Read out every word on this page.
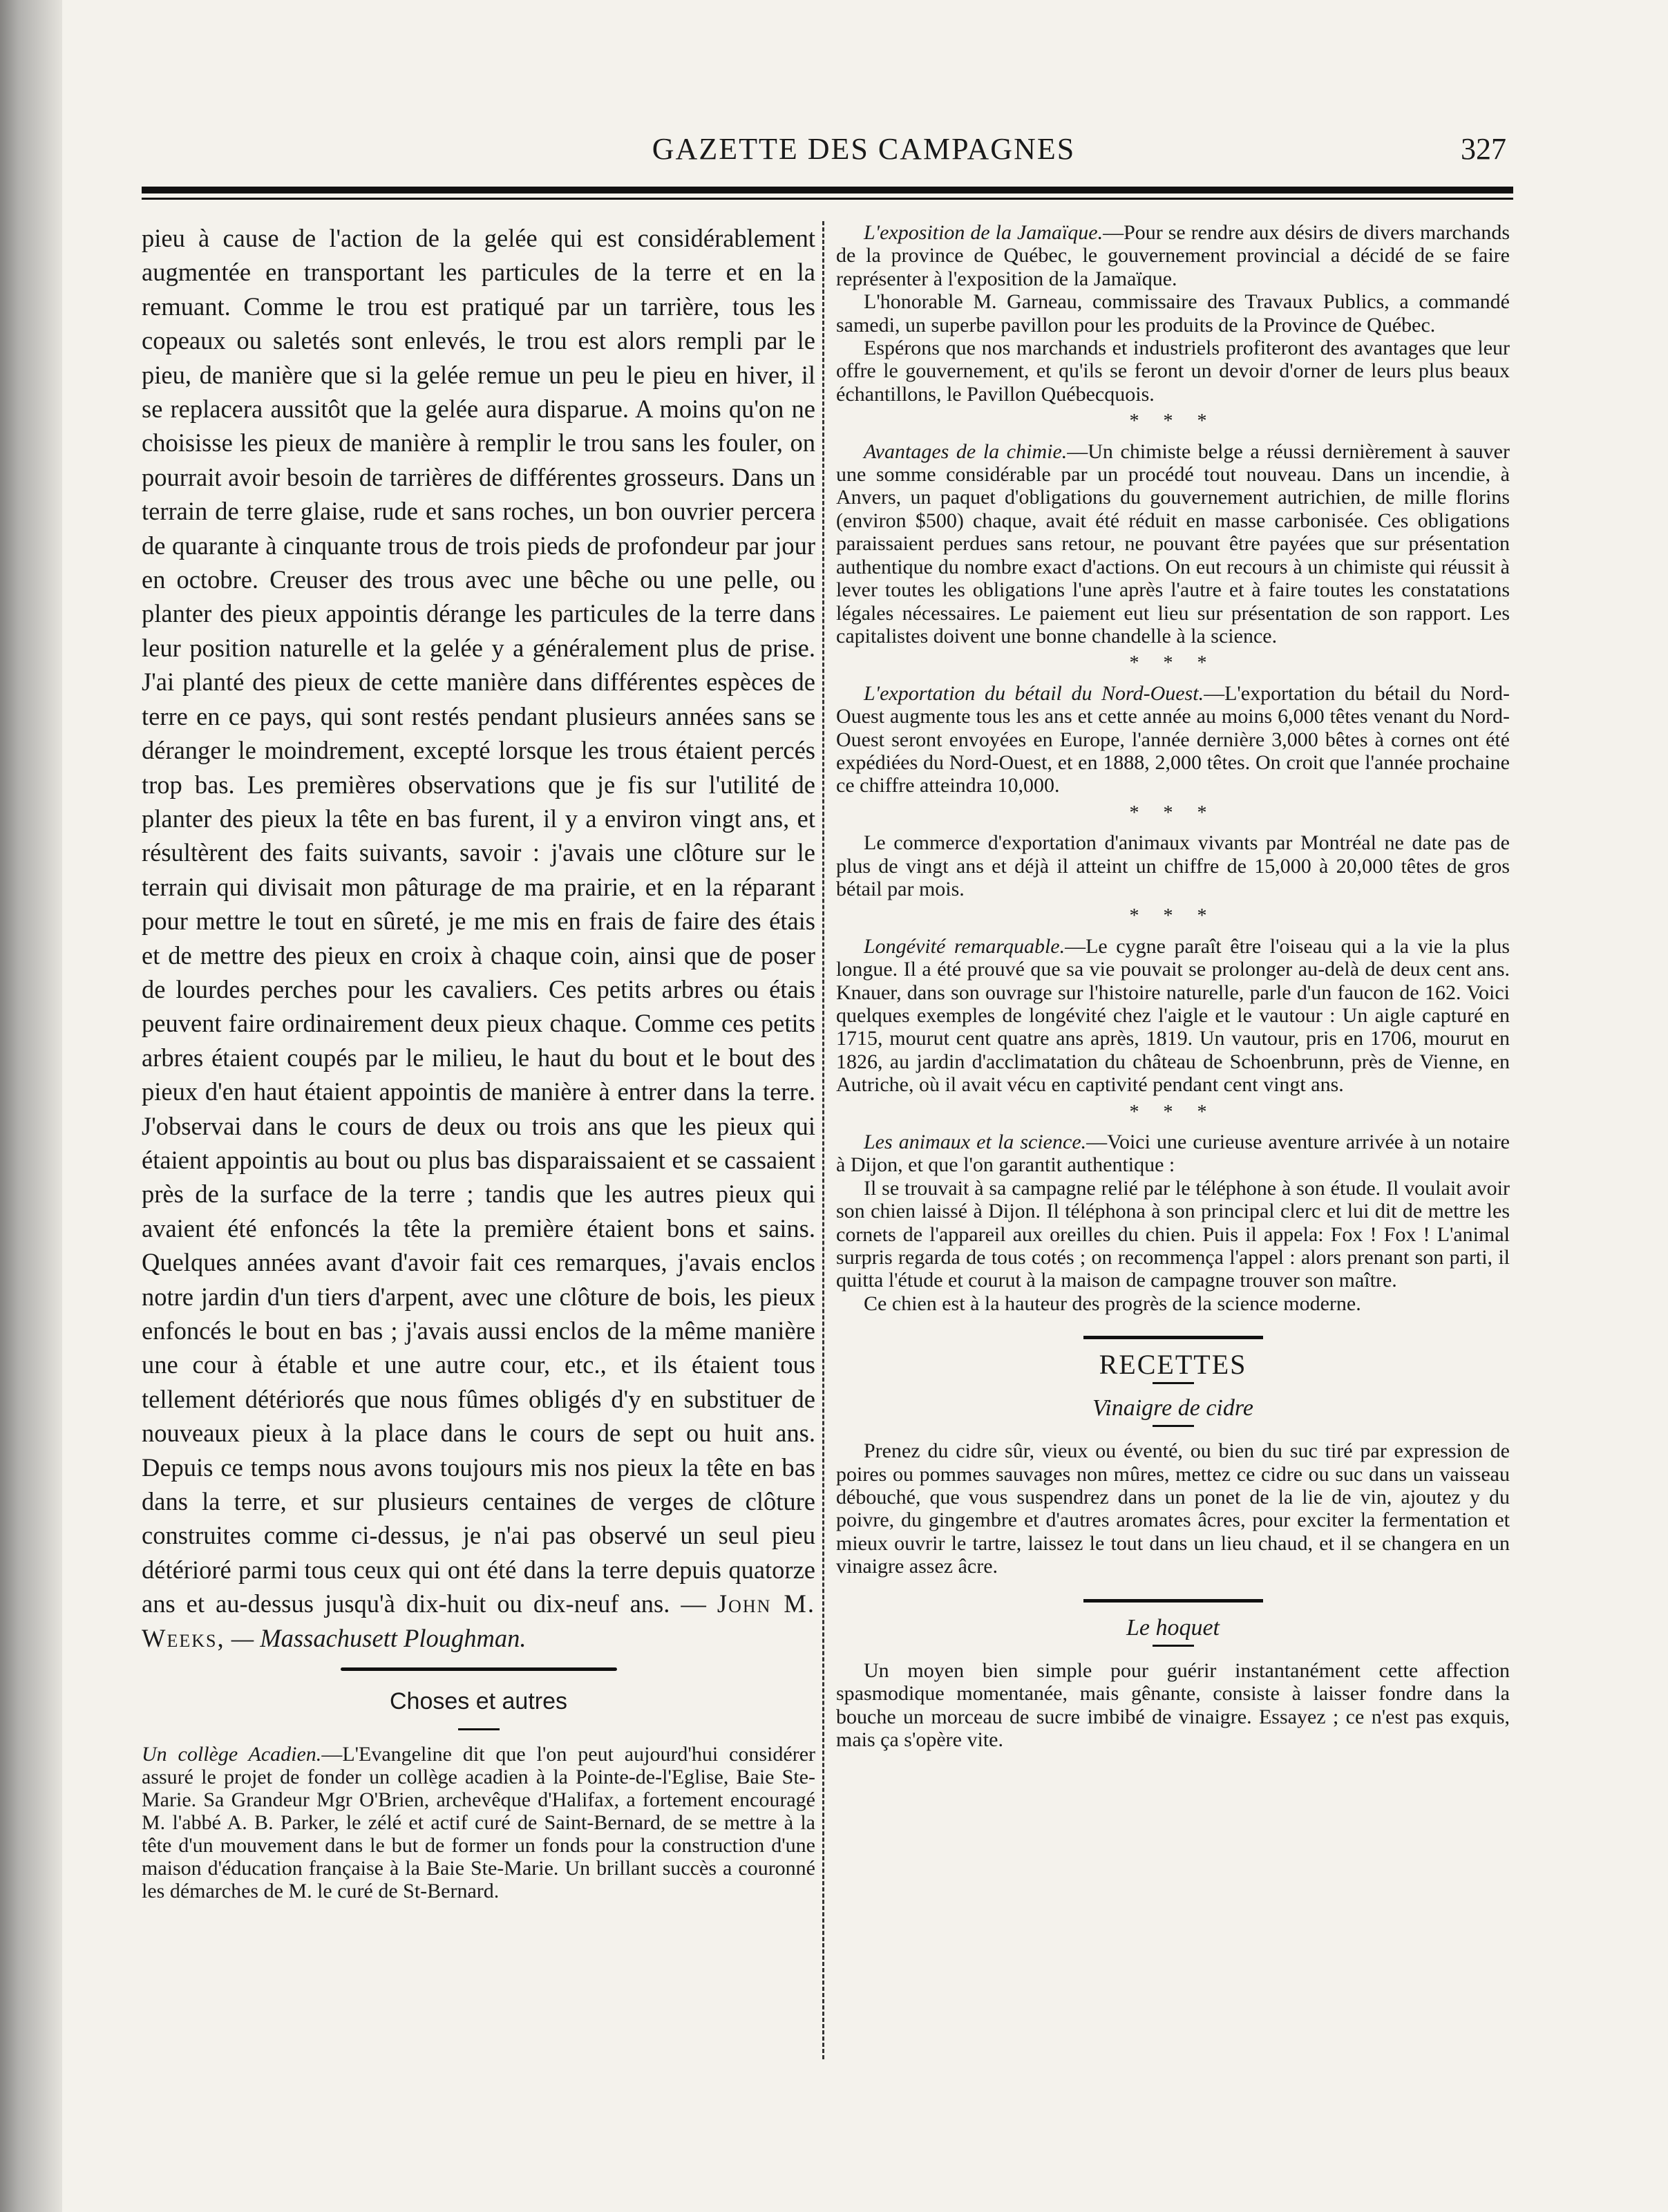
GAZETTE DES CAMPAGNES	327

pieu à cause de l'action de la gelée qui est considérablement augmentée en transportant les particules de la terre et en la remuant. Comme le trou est pratiqué par un tarrière, tous les copeaux ou saletés sont enlevés, le trou est alors rempli par le pieu, de manière que si la gelée remue un peu le pieu en hiver, il se replacera aussitôt que la gelée aura disparue. A moins qu'on ne choisisse les pieux de manière à remplir le trou sans les fouler, on pourrait avoir besoin de tarrières de différentes grosseurs. Dans un terrain de terre glaise, rude et sans roches, un bon ouvrier percera de quarante à cinquante trous de trois pieds de profondeur par jour en octobre. Creuser des trous avec une bêche ou une pelle, ou planter des pieux appointis dérange les particules de la terre dans leur position naturelle et la gelée y a généralement plus de prise. J'ai planté des pieux de cette manière dans différentes espèces de terre en ce pays, qui sont restés pendant plusieurs années sans se déranger le moindrement, excepté lorsque les trous étaient percés trop bas. Les premières observations que je fis sur l'utilité de planter des pieux la tête en bas furent, il y a environ vingt ans, et résultèrent des faits suivants, savoir : j'avais une clôture sur le terrain qui divisait mon pâturage de ma prairie, et en la réparant pour mettre le tout en sûreté, je me mis en frais de faire des étais et de mettre des pieux en croix à chaque coin, ainsi que de poser de lourdes perches pour les cavaliers. Ces petits arbres ou étais peuvent faire ordinairement deux pieux chaque. Comme ces petits arbres étaient coupés par le milieu, le haut du bout et le bout des pieux d'en haut étaient appointis de manière à entrer dans la terre. J'observai dans le cours de deux ou trois ans que les pieux qui étaient appointis au bout ou plus bas disparaissaient et se cassaient près de la surface de la terre ; tandis que les autres pieux qui avaient été enfoncés la tête la première étaient bons et sains. Quelques années avant d'avoir fait ces remarques, j'avais enclos notre jardin d'un tiers d'arpent, avec une clôture de bois, les pieux enfoncés le bout en bas ; j'avais aussi enclos de la même manière une cour à étable et une autre cour, etc., et ils étaient tous tellement détériorés que nous fûmes obligés d'y en substituer de nouveaux pieux à la place dans le cours de sept ou huit ans. Depuis ce temps nous avons toujours mis nos pieux la tête en bas dans la terre, et sur plusieurs centaines de verges de clôture construites comme ci-dessus, je n'ai pas observé un seul pieu détérioré parmi tous ceux qui ont été dans la terre depuis quatorze ans et au-dessus jusqu'à dix-huit ou dix-neuf ans. — John M. Weeks, — Massachusett Ploughman.

Choses et autres

Un collège Acadien.—L'Evangeline dit que l'on peut aujourd'hui considérer assuré le projet de fonder un collège acadien à la Pointe-de-l'Eglise, Baie Ste-Marie. Sa Grandeur Mgr O'Brien, archevêque d'Halifax, a fortement encouragé M. l'abbé A. B. Parker, le zélé et actif curé de Saint-Bernard, de se mettre à la tête d'un mouvement dans le but de former un fonds pour la construction d'une maison d'éducation française à la Baie Ste-Marie. Un brillant succès a couronné les démarches de M. le curé de St-Bernard.

L'exposition de la Jamaïque.—Pour se rendre aux désirs de divers marchands de la province de Québec, le gouvernement provincial a décidé de se faire représenter à l'exposition de la Jamaïque.

L'honorable M. Garneau, commissaire des Travaux Publics, a commandé samedi, un superbe pavillon pour les produits de la Province de Québec.

Espérons que nos marchands et industriels profiteront des avantages que leur offre le gouvernement, et qu'ils se feront un devoir d'orner de leurs plus beaux échantillons, le Pavillon Québecquois.

* * *

Avantages de la chimie.—Un chimiste belge a réussi dernièrement à sauver une somme considérable par un procédé tout nouveau. Dans un incendie, à Anvers, un paquet d'obligations du gouvernement autrichien, de mille florins (environ $500) chaque, avait été réduit en masse carbonisée. Ces obligations paraissaient perdues sans retour, ne pouvant être payées que sur présentation authentique du nombre exact d'actions. On eut recours à un chimiste qui réussit à lever toutes les obligations l'une après l'autre et à faire toutes les constatations légales nécessaires. Le paiement eut lieu sur présentation de son rapport. Les capitalistes doivent une bonne chandelle à la science.

* * *

L'exportation du bétail du Nord-Ouest.—L'exportation du bétail du Nord-Ouest augmente tous les ans et cette année au moins 6,000 têtes venant du Nord-Ouest seront envoyées en Europe, l'année dernière 3,000 bêtes à cornes ont été expédiées du Nord-Ouest, et en 1888, 2,000 têtes. On croit que l'année prochaine ce chiffre atteindra 10,000.

* * *

Le commerce d'exportation d'animaux vivants par Montréal ne date pas de plus de vingt ans et déjà il atteint un chiffre de 15,000 à 20,000 têtes de gros bétail par mois.

* * *

Longévité remarquable.—Le cygne paraît être l'oiseau qui a la vie la plus longue. Il a été prouvé que sa vie pouvait se prolonger au-delà de deux cent ans. Knauer, dans son ouvrage sur l'histoire naturelle, parle d'un faucon de 162. Voici quelques exemples de longévité chez l'aigle et le vautour : Un aigle capturé en 1715, mourut cent quatre ans après, 1819. Un vautour, pris en 1706, mourut en 1826, au jardin d'acclimatation du château de Schoenbrunn, près de Vienne, en Autriche, où il avait vécu en captivité pendant cent vingt ans.

* * *

Les animaux et la science.—Voici une curieuse aventure arrivée à un notaire à Dijon, et que l'on garantit authentique :

Il se trouvait à sa campagne relié par le téléphone à son étude. Il voulait avoir son chien laissé à Dijon. Il téléphona à son principal clerc et lui dit de mettre les cornets de l'appareil aux oreilles du chien. Puis il appela: Fox ! Fox ! L'animal surpris regarda de tous cotés ; on recommença l'appel : alors prenant son parti, il quitta l'étude et courut à la maison de campagne trouver son maître.

Ce chien est à la hauteur des progrès de la science moderne.

RECETTES
Vinaigre de cidre

Prenez du cidre sûr, vieux ou éventé, ou bien du suc tiré par expression de poires ou pommes sauvages non mûres, mettez ce cidre ou suc dans un vaisseau débouché, que vous suspendrez dans un ponet de la lie de vin, ajoutez y du poivre, du gingembre et d'autres aromates âcres, pour exciter la fermentation et mieux ouvrir le tartre, laissez le tout dans un lieu chaud, et il se changera en un vinaigre assez âcre.

Le hoquet

Un moyen bien simple pour guérir instantanément cette affection spasmodique momentanée, mais gênante, consiste à laisser fondre dans la bouche un morceau de sucre imbibé de vinaigre. Essayez ; ce n'est pas exquis, mais ça s'opère vite.
